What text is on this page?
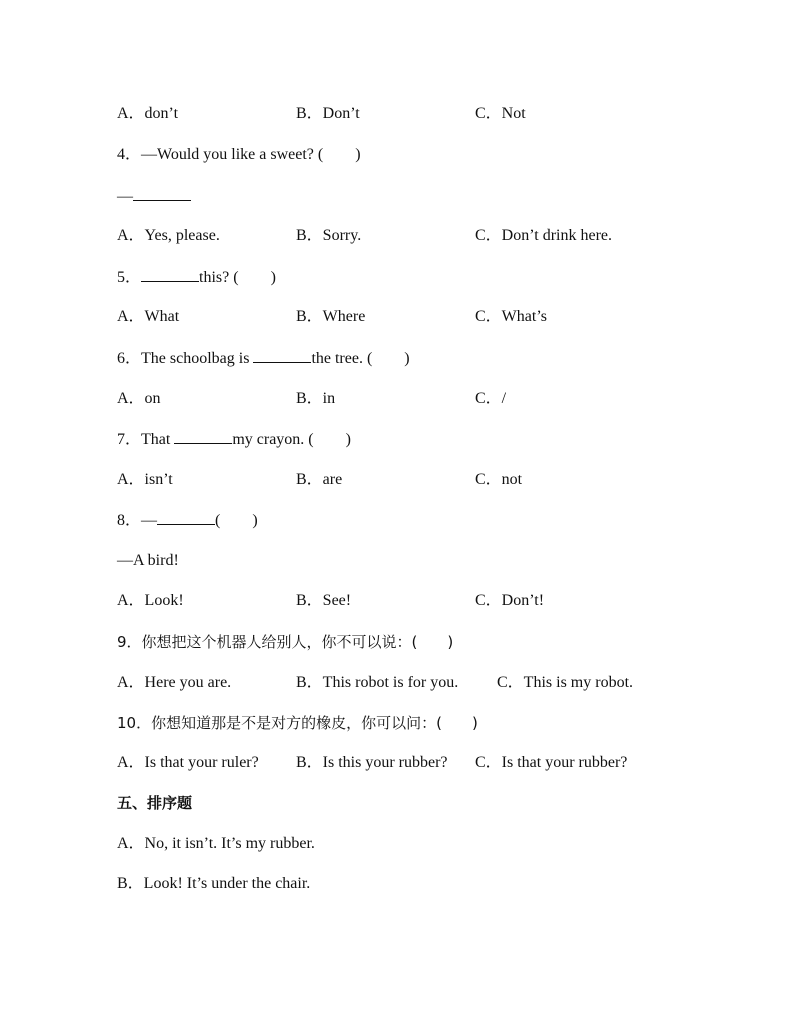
A．don’t	B．Don’t	C．Not
4．—Would you like a sweet? (　　)
—
A．Yes, please.	B．Sorry.	C．Don’t drink here.
5．	this? (　　)
A．What	B．Where	C．What’s
6．The schoolbag is	the tree. (　　)
A．on	B．in	C．/
7．That	my crayon. (　　)
A．isn’t	B．are	C．not
8．—	(　　)
—A bird!
A．Look!	B．See!	C．Don’t!
9．你想把这个机器人给别人，你不可以说：(　　)
A．Here you are.	B．This robot is for you. C．This is my robot.
10．你想知道那是不是对方的橡皮，你可以问：(　　)
A．Is that your ruler? B．Is this your rubber? C．Is that your rubber?
五、排序题
A．No, it isn’t. It’s my rubber.
B．Look! It’s under the chair.
